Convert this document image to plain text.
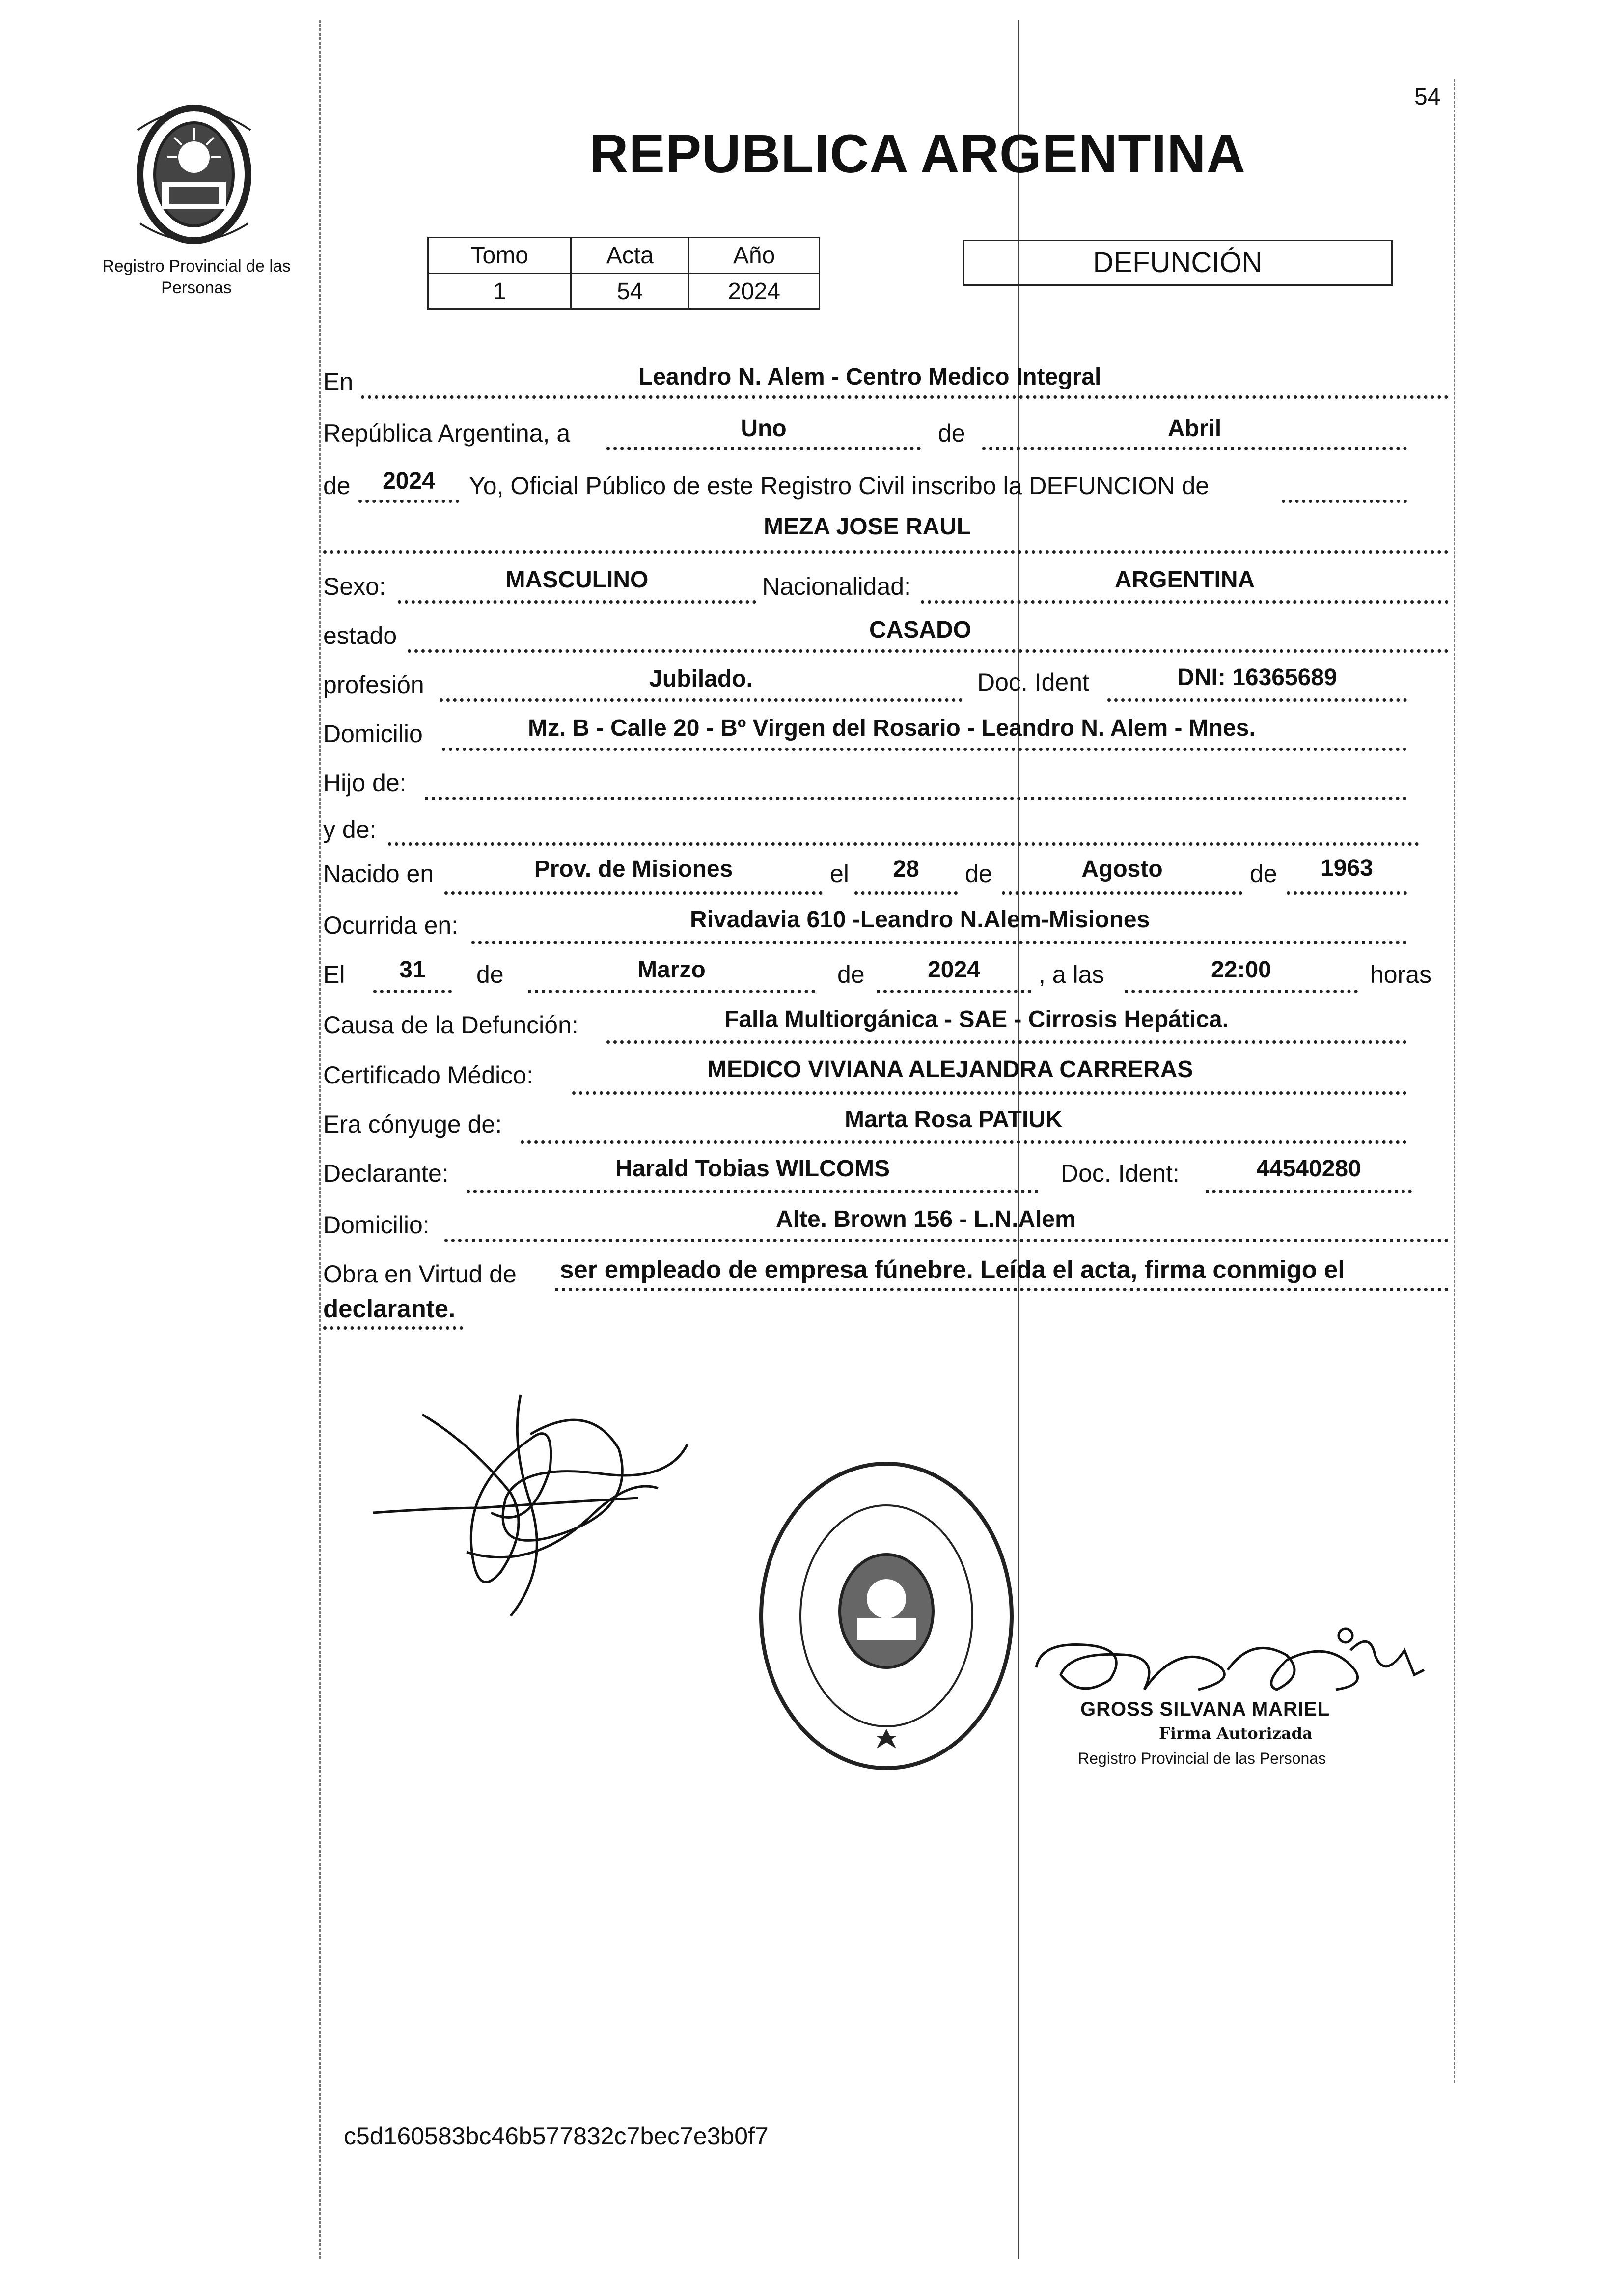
54
Registro Provincial de las Personas
REPUBLICA ARGENTINA
Tomo	Acta	Año
1	54	2024
DEFUNCIÓN
En	Leandro N. Alem - Centro Medico Integral
República Argentina, a	Uno	de	Abril
de	2024	Yo, Oficial Público de este Registro Civil inscribo la DEFUNCION de
MEZA JOSE RAUL
Sexo:	MASCULINO	Nacionalidad:	ARGENTINA
estado	CASADO
profesión	Jubilado.	Doc. Ident	DNI: 16365689
Domicilio	Mz. B - Calle 20 - Bº Virgen del Rosario - Leandro N. Alem - Mnes.
Hijo de:
y de:
Nacido en	Prov. de Misiones	el	28	de	Agosto	de	1963
Ocurrida en:	Rivadavia 610 -Leandro N.Alem-Misiones
El	31	de	Marzo	de	2024	, a las	22:00	horas
Causa de la Defunción:	Falla Multiorgánica - SAE - Cirrosis Hepática.
Certificado Médico:	MEDICO VIVIANA ALEJANDRA CARRERAS
Era cónyuge de:	Marta Rosa PATIUK
Declarante:	Harald Tobias WILCOMS	Doc. Ident:	44540280
Domicilio:	Alte. Brown 156 - L.N.Alem
Obra en Virtud de ser empleado de empresa fúnebre. Leída el acta, firma conmigo el
declarante.
GROSS SILVANA MARIEL
Firma Autorizada
Registro Provincial de las Personas
c5d160583bc46b577832c7bec7e3b0f7
